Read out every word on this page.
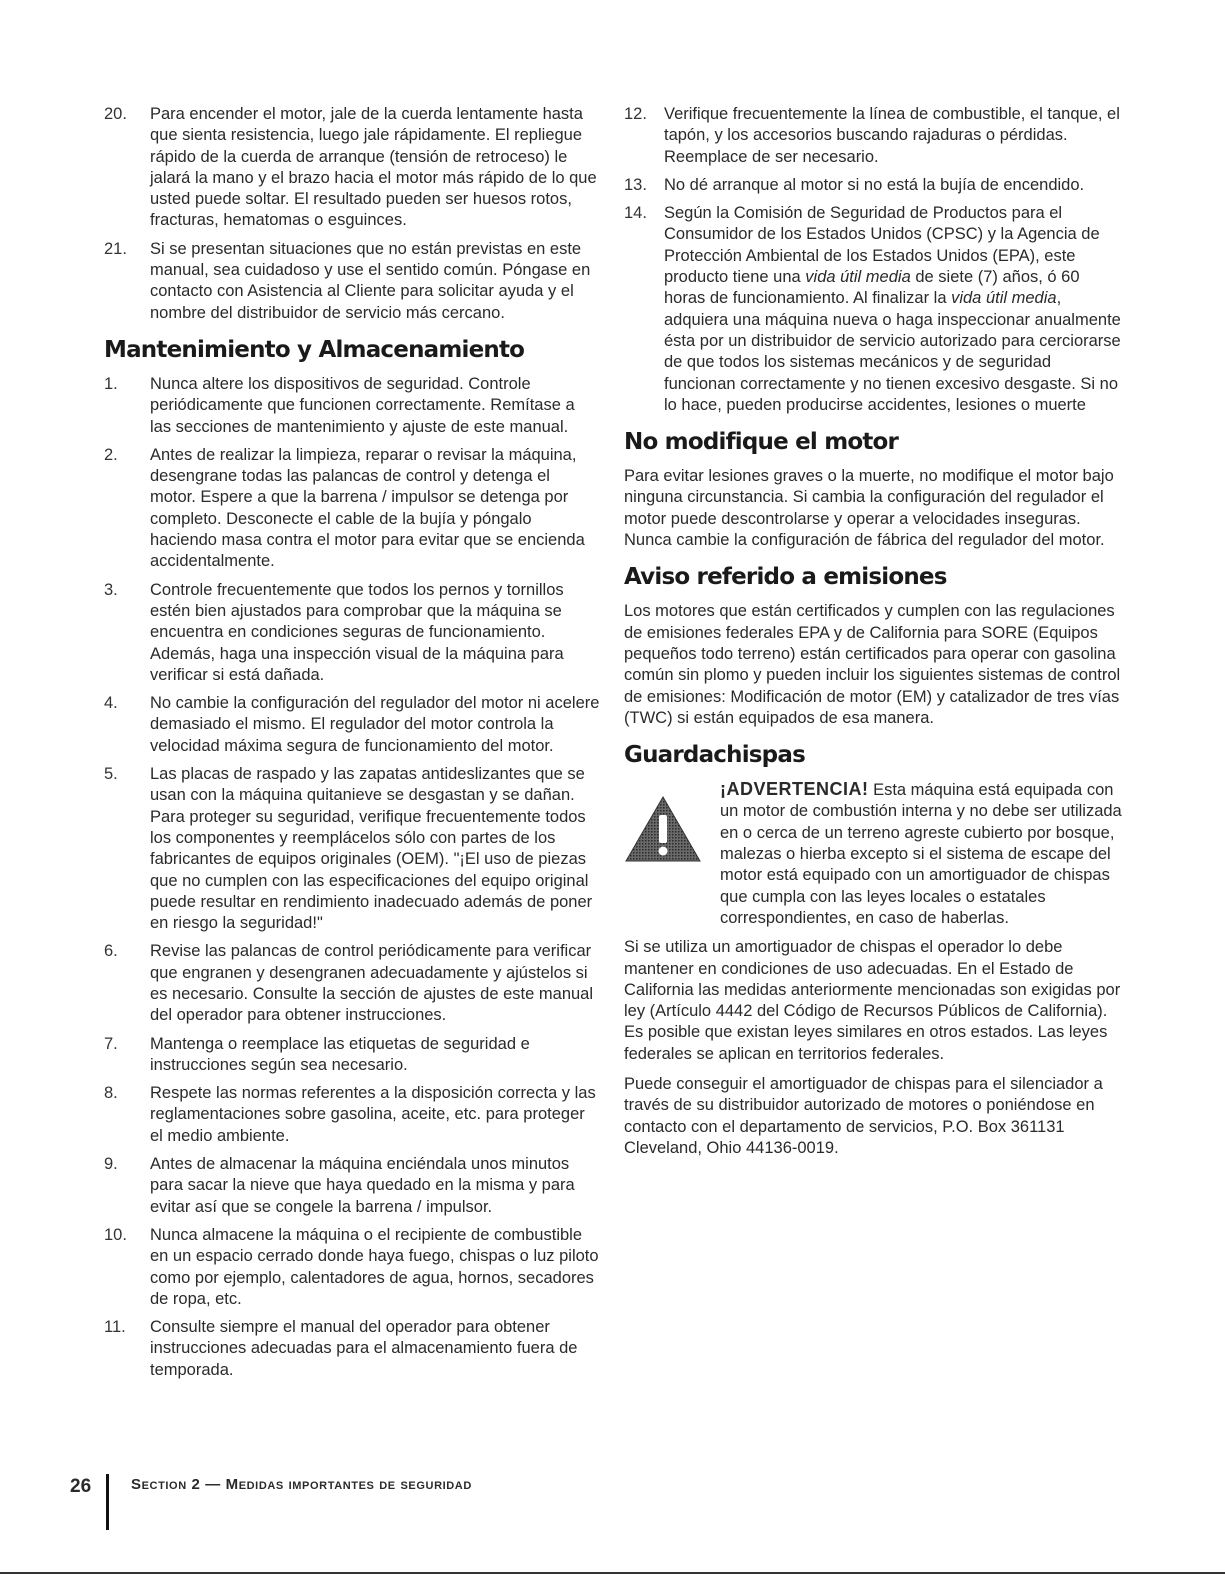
20.	Para encender el motor, jale de la cuerda lentamente hasta que sienta resistencia, luego jale rápidamente. El repliegue rápido de la cuerda de arranque (tensión de retroceso) le jalará la mano y el brazo hacia el motor más rápido de lo que usted puede soltar. El resultado pueden ser huesos rotos, fracturas, hematomas o esguinces.
21.	Si se presentan situaciones que no están previstas en este manual, sea cuidadoso y use el sentido común. Póngase en contacto con Asistencia al Cliente para solicitar ayuda y el nombre del distribuidor de servicio más cercano.
Mantenimiento y Almacenamiento
1.	Nunca altere los dispositivos de seguridad. Controle periódicamente que funcionen correctamente. Remítase a las secciones de mantenimiento y ajuste de este manual.
2.	Antes de realizar la limpieza, reparar o revisar la máquina, desengrane todas las palancas de control y detenga el motor. Espere a que la barrena / impulsor se detenga por completo. Desconecte el cable de la bujía y póngalo haciendo masa contra el motor para evitar que se encienda accidentalmente.
3.	Controle frecuentemente que todos los pernos y tornillos estén bien ajustados para comprobar que la máquina se encuentra en condiciones seguras de funcionamiento. Además, haga una inspección visual de la máquina para verificar si está dañada.
4.	No cambie la configuración del regulador del motor ni acelere demasiado el mismo. El regulador del motor controla la velocidad máxima segura de funcionamiento del motor.
5.	Las placas de raspado y las zapatas antideslizantes que se usan con la máquina quitanieve se desgastan y se dañan. Para proteger su seguridad, verifique frecuentemente todos los componentes y reemplácelos sólo con partes de los fabricantes de equipos originales (OEM). "¡El uso de piezas que no cumplen con las especificaciones del equipo original puede resultar en rendimiento inadecuado además de poner en riesgo la seguridad!"
6.	Revise las palancas de control periódicamente para verificar que engranen y desengranen adecuadamente y ajústelos si es necesario. Consulte la sección de ajustes de este manual del operador para obtener instrucciones.
7.	Mantenga o reemplace las etiquetas de seguridad e instrucciones según sea necesario.
8.	Respete las normas referentes a la disposición correcta y las reglamentaciones sobre gasolina, aceite, etc. para proteger el medio ambiente.
9.	Antes de almacenar la máquina enciéndala unos minutos para sacar la nieve que haya quedado en la misma y para evitar así que se congele la barrena / impulsor.
10.	Nunca almacene la máquina o el recipiente de combustible en un espacio cerrado donde haya fuego, chispas o luz piloto como por ejemplo, calentadores de agua, hornos, secadores de ropa, etc.
11.	Consulte siempre el manual del operador para obtener instrucciones adecuadas para el almacenamiento fuera de temporada.
12.	Verifique frecuentemente la línea de combustible, el tanque, el tapón, y los accesorios buscando rajaduras o pérdidas. Reemplace de ser necesario.
13.	No dé arranque al motor si no está la bujía de encendido.
14.	Según la Comisión de Seguridad de Productos para el Consumidor de los Estados Unidos (CPSC) y la Agencia de Protección Ambiental de los Estados Unidos (EPA), este producto tiene una vida útil media de siete (7) años, ó 60 horas de funcionamiento. Al finalizar la vida útil media, adquiera una máquina nueva o haga inspeccionar anualmente ésta por un distribuidor de servicio autorizado para cerciorarse de que todos los sistemas mecánicos y de seguridad funcionan correctamente y no tienen excesivo desgaste. Si no lo hace, pueden producirse accidentes, lesiones o muerte
No modifique el motor

Para evitar lesiones graves o la muerte, no modifique el motor bajo ninguna circunstancia. Si cambia la configuración del regulador el motor puede descontrolarse y operar a velocidades inseguras. Nunca cambie la configuración de fábrica del regulador del motor.

Aviso referido a emisiones

Los motores que están certificados y cumplen con las regulaciones de emisiones federales EPA y de California para SORE (Equipos pequeños todo terreno) están certificados para operar con gasolina común sin plomo y pueden incluir los siguientes sistemas de control de emisiones: Modificación de motor (EM) y catalizador de tres vías (TWC) si están equipados de esa manera.

Guardachispas
¡ADVERTENCIA! Esta máquina está equipada con un motor de combustión interna y no debe ser utilizada en o cerca de un terreno agreste cubierto por bosque, malezas o hierba excepto si el sistema de escape del motor está equipado con un amortiguador de chispas que cumpla con las leyes locales o estatales correspondientes, en caso de haberlas.

Si se utiliza un amortiguador de chispas el operador lo debe mantener en condiciones de uso adecuadas. En el Estado de California las medidas anteriormente mencionadas son exigidas por ley (Artículo 4442 del Código de Recursos Públicos de California). Es posible que existan leyes similares en otros estados. Las leyes federales se aplican en territorios federales.

Puede conseguir el amortiguador de chispas para el silenciador a través de su distribuidor autorizado de motores o poniéndose en contacto con el departamento de servicios, P.O. Box 361131 Cleveland, Ohio 44136-0019.

26	Section 2 — Medidas importantes de seguridad
